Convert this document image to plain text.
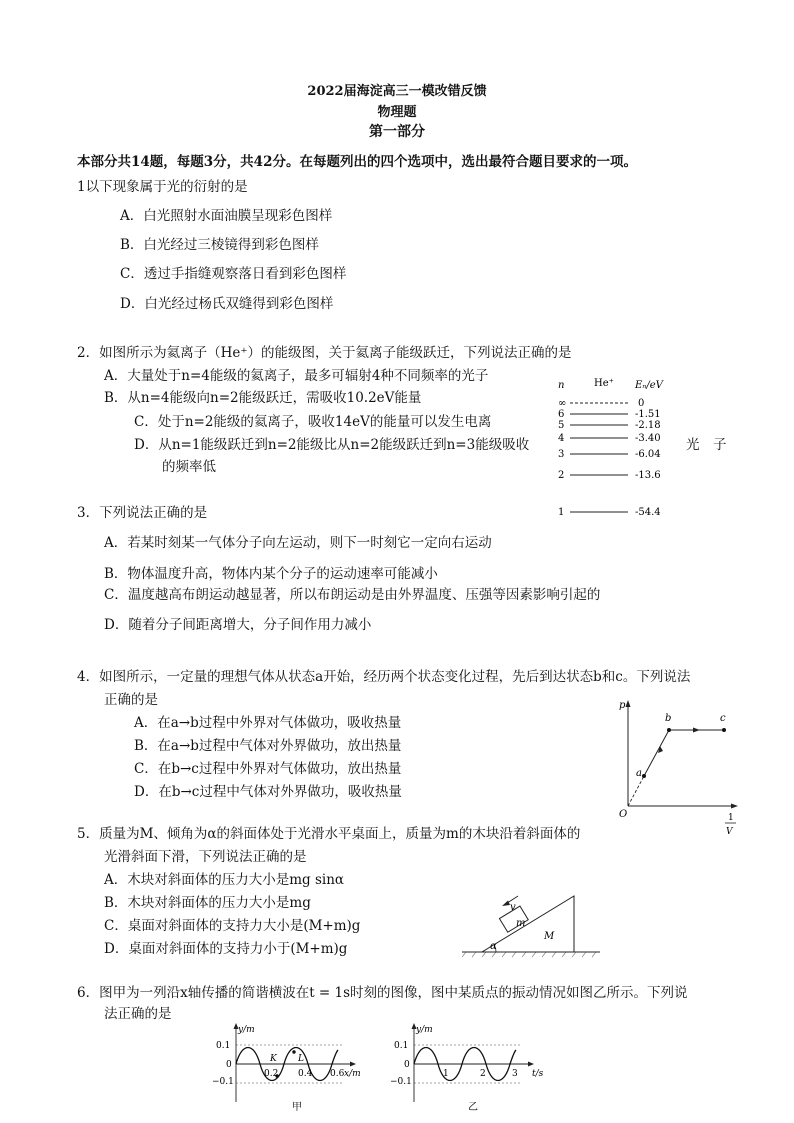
2022届海淀高三一模改错反馈
物理题
第一部分
本部分共14题，每题3分，共42分。在每题列出的四个选项中，选出最符合题目要求的一项。
1以下现象属于光的衍射的是
A．白光照射水面油膜呈现彩色图样
B．白光经过三棱镜得到彩色图样
C．透过手指缝观察落日看到彩色图样
D．白光经过杨氏双缝得到彩色图样
2．如图所示为氦离子（He⁺）的能级图，关于氦离子能级跃迁，下列说法正确的是
A．大量处于n=4能级的氦离子，最多可辐射4种不同频率的光子
B．从n=4能级向n=2能级跃迁，需吸收10.2eV能量
C．处于n=2能级的氦离子，吸收14eV的能量可以发生电离
D．从n=1能级跃迁到n=2能级比从n=2能级跃迁到n=3能级吸收
的频率低
光　子
n	He⁺ Eₙ/eV
∞	0
6	-1.51
5	-2.18
4	-3.40
3	-6.04
2	-13.6
1	-54.4
3．下列说法正确的是
A．若某时刻某一气体分子向左运动，则下一时刻它一定向右运动
B．物体温度升高，物体内某个分子的运动速率可能减小
C．温度越高布朗运动越显著，所以布朗运动是由外界温度、压强等因素影响引起的
D．随着分子间距离增大，分子间作用力减小
4．如图所示，一定量的理想气体从状态a开始，经历两个状态变化过程，先后到达状态b和c。下列说法
正确的是
A．在a→b过程中外界对气体做功，吸收热量
B．在a→b过程中气体对外界做功，放出热量
C．在b→c过程中外界对气体做功，放出热量
D．在b→c过程中气体对外界做功，吸收热量
p
O	1
V
a
b	c
5．质量为M、倾角为α的斜面体处于光滑水平桌面上，质量为m的木块沿着斜面体的
光滑斜面下滑，下列说法正确的是
A．木块对斜面体的压力大小是mg sinα
B．木块对斜面体的压力大小是mg
C．桌面对斜面体的支持力大小是(M+m)g
D．桌面对斜面体的支持力小于(M+m)g	α
m
v
M
6．图甲为一列沿x轴传播的简谐横波在t = 1s时刻的图像，图中某质点的振动情况如图乙所示。下列说
法正确的是
y/m
0.1
0
−0.1
K L
0.2 0.4 0.6 x/m
甲
y/m
0.1
0
−0.1
1	2	3 t/s
乙
